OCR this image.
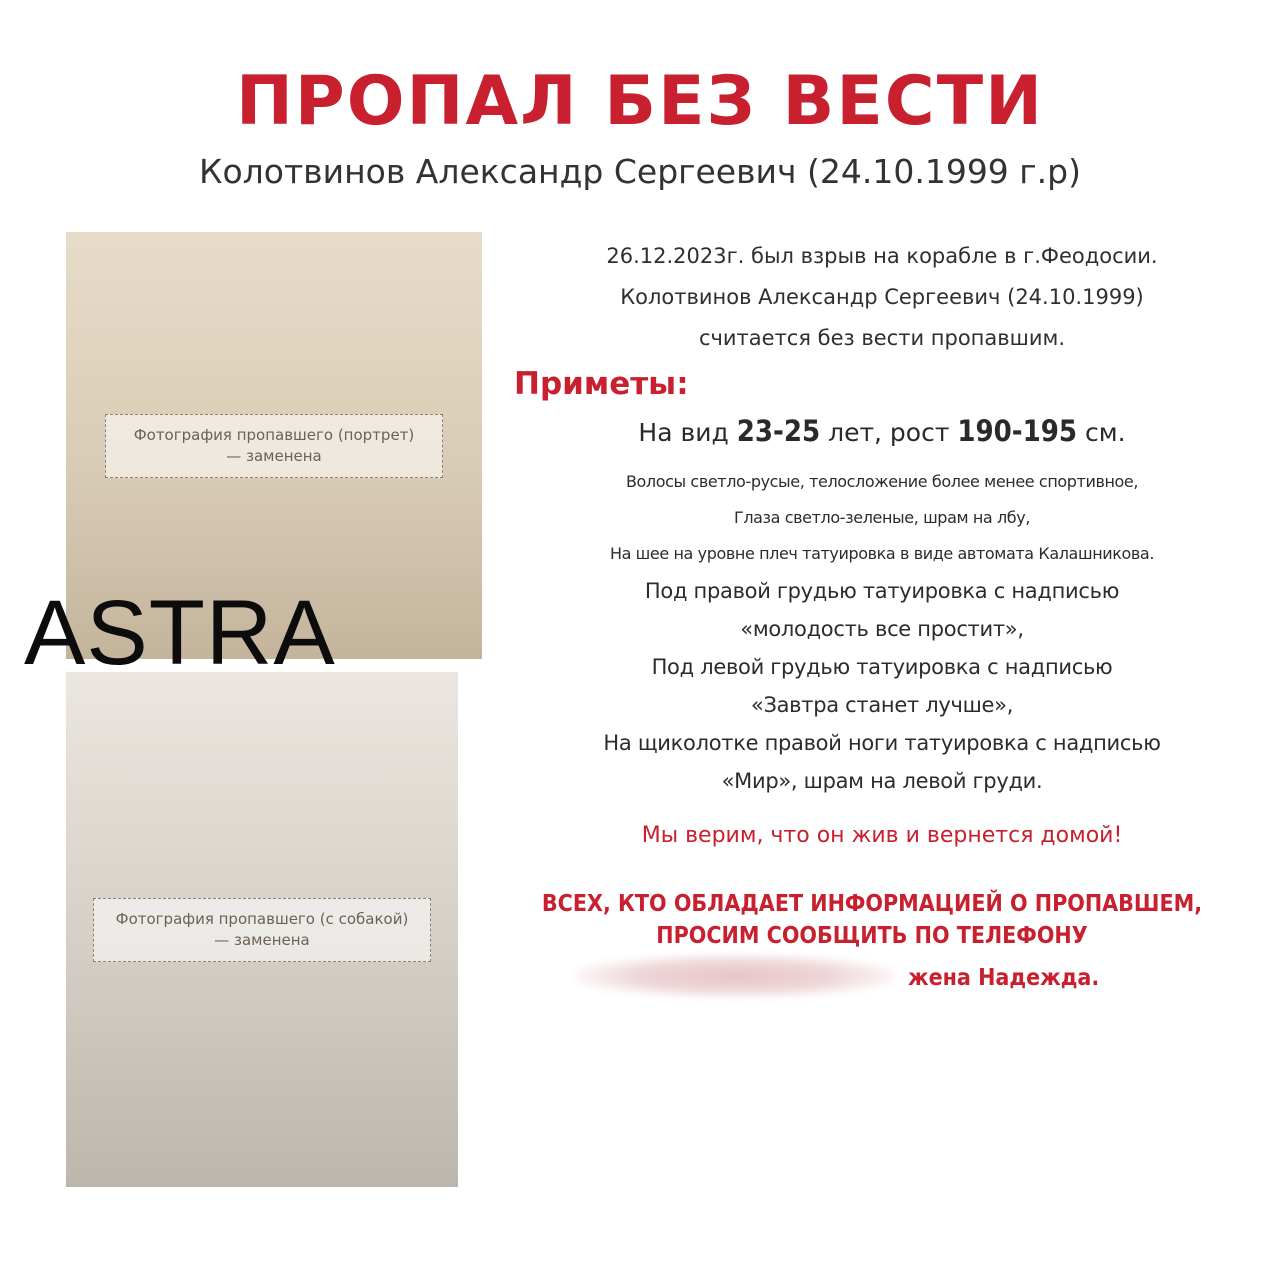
ПРОПАЛ БЕЗ ВЕСТИ
Колотвинов Александр Сергеевич (24.10.1999 г.р)
Фотография пропавшего (портрет) — заменена
Фотография пропавшего (с собакой) — заменена
ASTRA

26.12.2023г. был взрыв на корабле в г.Феодосии.

Колотвинов Александр Сергеевич (24.10.1999)

считается без вести пропавшим.

Приметы:
На вид 23-25 лет, рост 190-195 см.

Волосы светло-русые, телосложение более менее спортивное,

Глаза светло-зеленые, шрам на лбу,

На шее на уровне плеч татуировка в виде автомата Калашникова.

Под правой грудью татуировка с надписью

«молодость все простит»,

Под левой грудью татуировка с надписью

«Завтра станет лучше»,

На щиколотке правой ноги татуировка с надписью

«Мир», шрам на левой груди.

Мы верим, что он жив и вернется домой!

ВСЕХ, КТО ОБЛАДАЕТ ИНФОРМАЦИЕЙ О ПРОПАВШЕМ,

ПРОСИМ СООБЩИТЬ ПО ТЕЛЕФОНУ

жена Надежда.
